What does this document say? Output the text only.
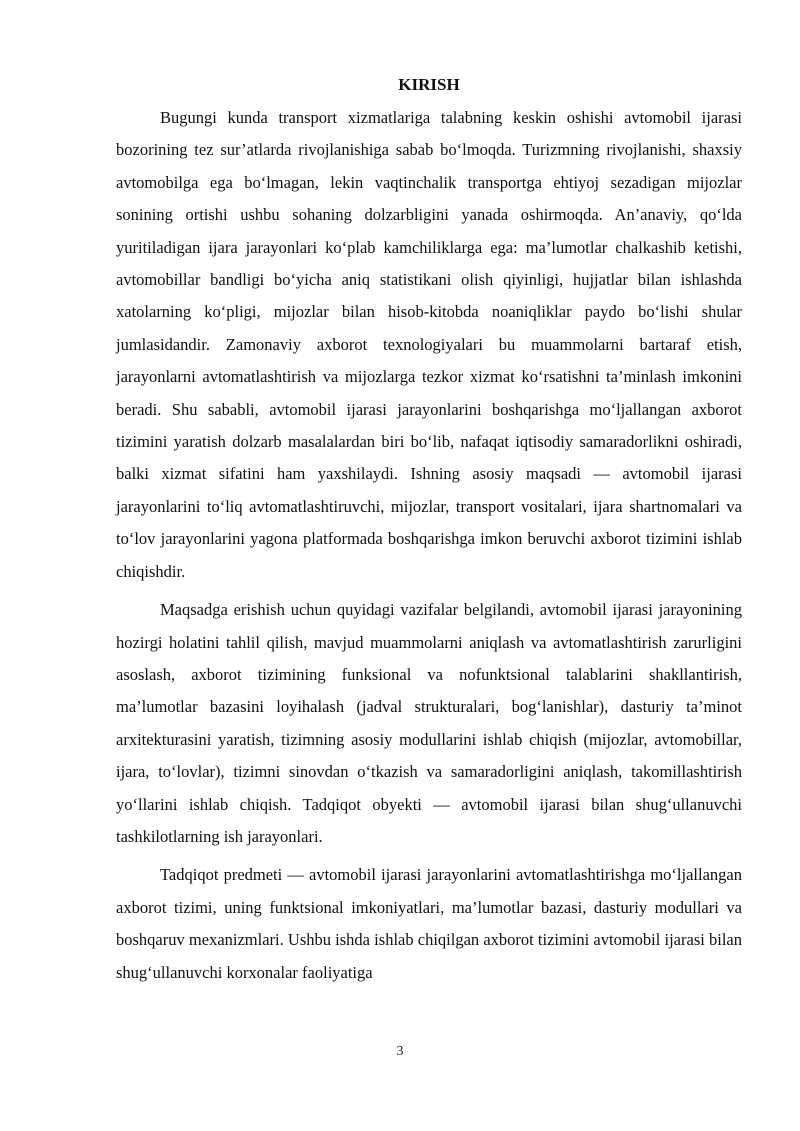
KIRISH

Bugungi kunda transport xizmatlariga talabning keskin oshishi avtomobil ijarasi bozorining tez sur’atlarda rivojlanishiga sabab bo‘lmoqda. Turizmning rivojlanishi, shaxsiy avtomobilga ega bo‘lmagan, lekin vaqtinchalik transportga ehtiyoj sezadigan mijozlar sonining ortishi ushbu sohaning dolzarbligini yanada oshirmoqda. An’anaviy, qo‘lda yuritiladigan ijara jarayonlari ko‘plab kamchiliklarga ega: ma’lumotlar chalkashib ketishi, avtomobillar bandligi bo‘yicha aniq statistikani olish qiyinligi, hujjatlar bilan ishlashda xatolarning ko‘pligi, mijozlar bilan hisob-kitobda noaniqliklar paydo bo‘lishi shular jumlasidandir. Zamonaviy axborot texnologiyalari bu muammolarni bartaraf etish, jarayonlarni avtomatlashtirish va mijozlarga tezkor xizmat ko‘rsatishni ta’minlash imkonini beradi. Shu sababli, avtomobil ijarasi jarayonlarini boshqarishga mo‘ljallangan axborot tizimini yaratish dolzarb masalalardan biri bo‘lib, nafaqat iqtisodiy samaradorlikni oshiradi, balki xizmat sifatini ham yaxshilaydi. Ishning asosiy maqsadi — avtomobil ijarasi jarayonlarini to‘liq avtomatlashtiruvchi, mijozlar, transport vositalari, ijara shartnomalari va to‘lov jarayonlarini yagona platformada boshqarishga imkon beruvchi axborot tizimini ishlab chiqishdir.

Maqsadga erishish uchun quyidagi vazifalar belgilandi, avtomobil ijarasi jarayonining hozirgi holatini tahlil qilish, mavjud muammolarni aniqlash va avtomatlashtirish zarurligini asoslash, axborot tizimining funksional va nofunktsional talablarini shakllantirish, ma’lumotlar bazasini loyihalash (jadval strukturalari, bog‘lanishlar), dasturiy ta’minot arxitekturasini yaratish, tizimning asosiy modullarini ishlab chiqish (mijozlar, avtomobillar, ijara, to‘lovlar), tizimni sinovdan o‘tkazish va samaradorligini aniqlash, takomillashtirish yo‘llarini ishlab chiqish. Tadqiqot obyekti — avtomobil ijarasi bilan shug‘ullanuvchi tashkilotlarning ish jarayonlari.

Tadqiqot predmeti — avtomobil ijarasi jarayonlarini avtomatlashtirishga mo‘ljallangan axborot tizimi, uning funktsional imkoniyatlari, ma’lumotlar bazasi, dasturiy modullari va boshqaruv mexanizmlari. Ushbu ishda ishlab chiqilgan axborot tizimini avtomobil ijarasi bilan shug‘ullanuvchi korxonalar faoliyatiga

3
